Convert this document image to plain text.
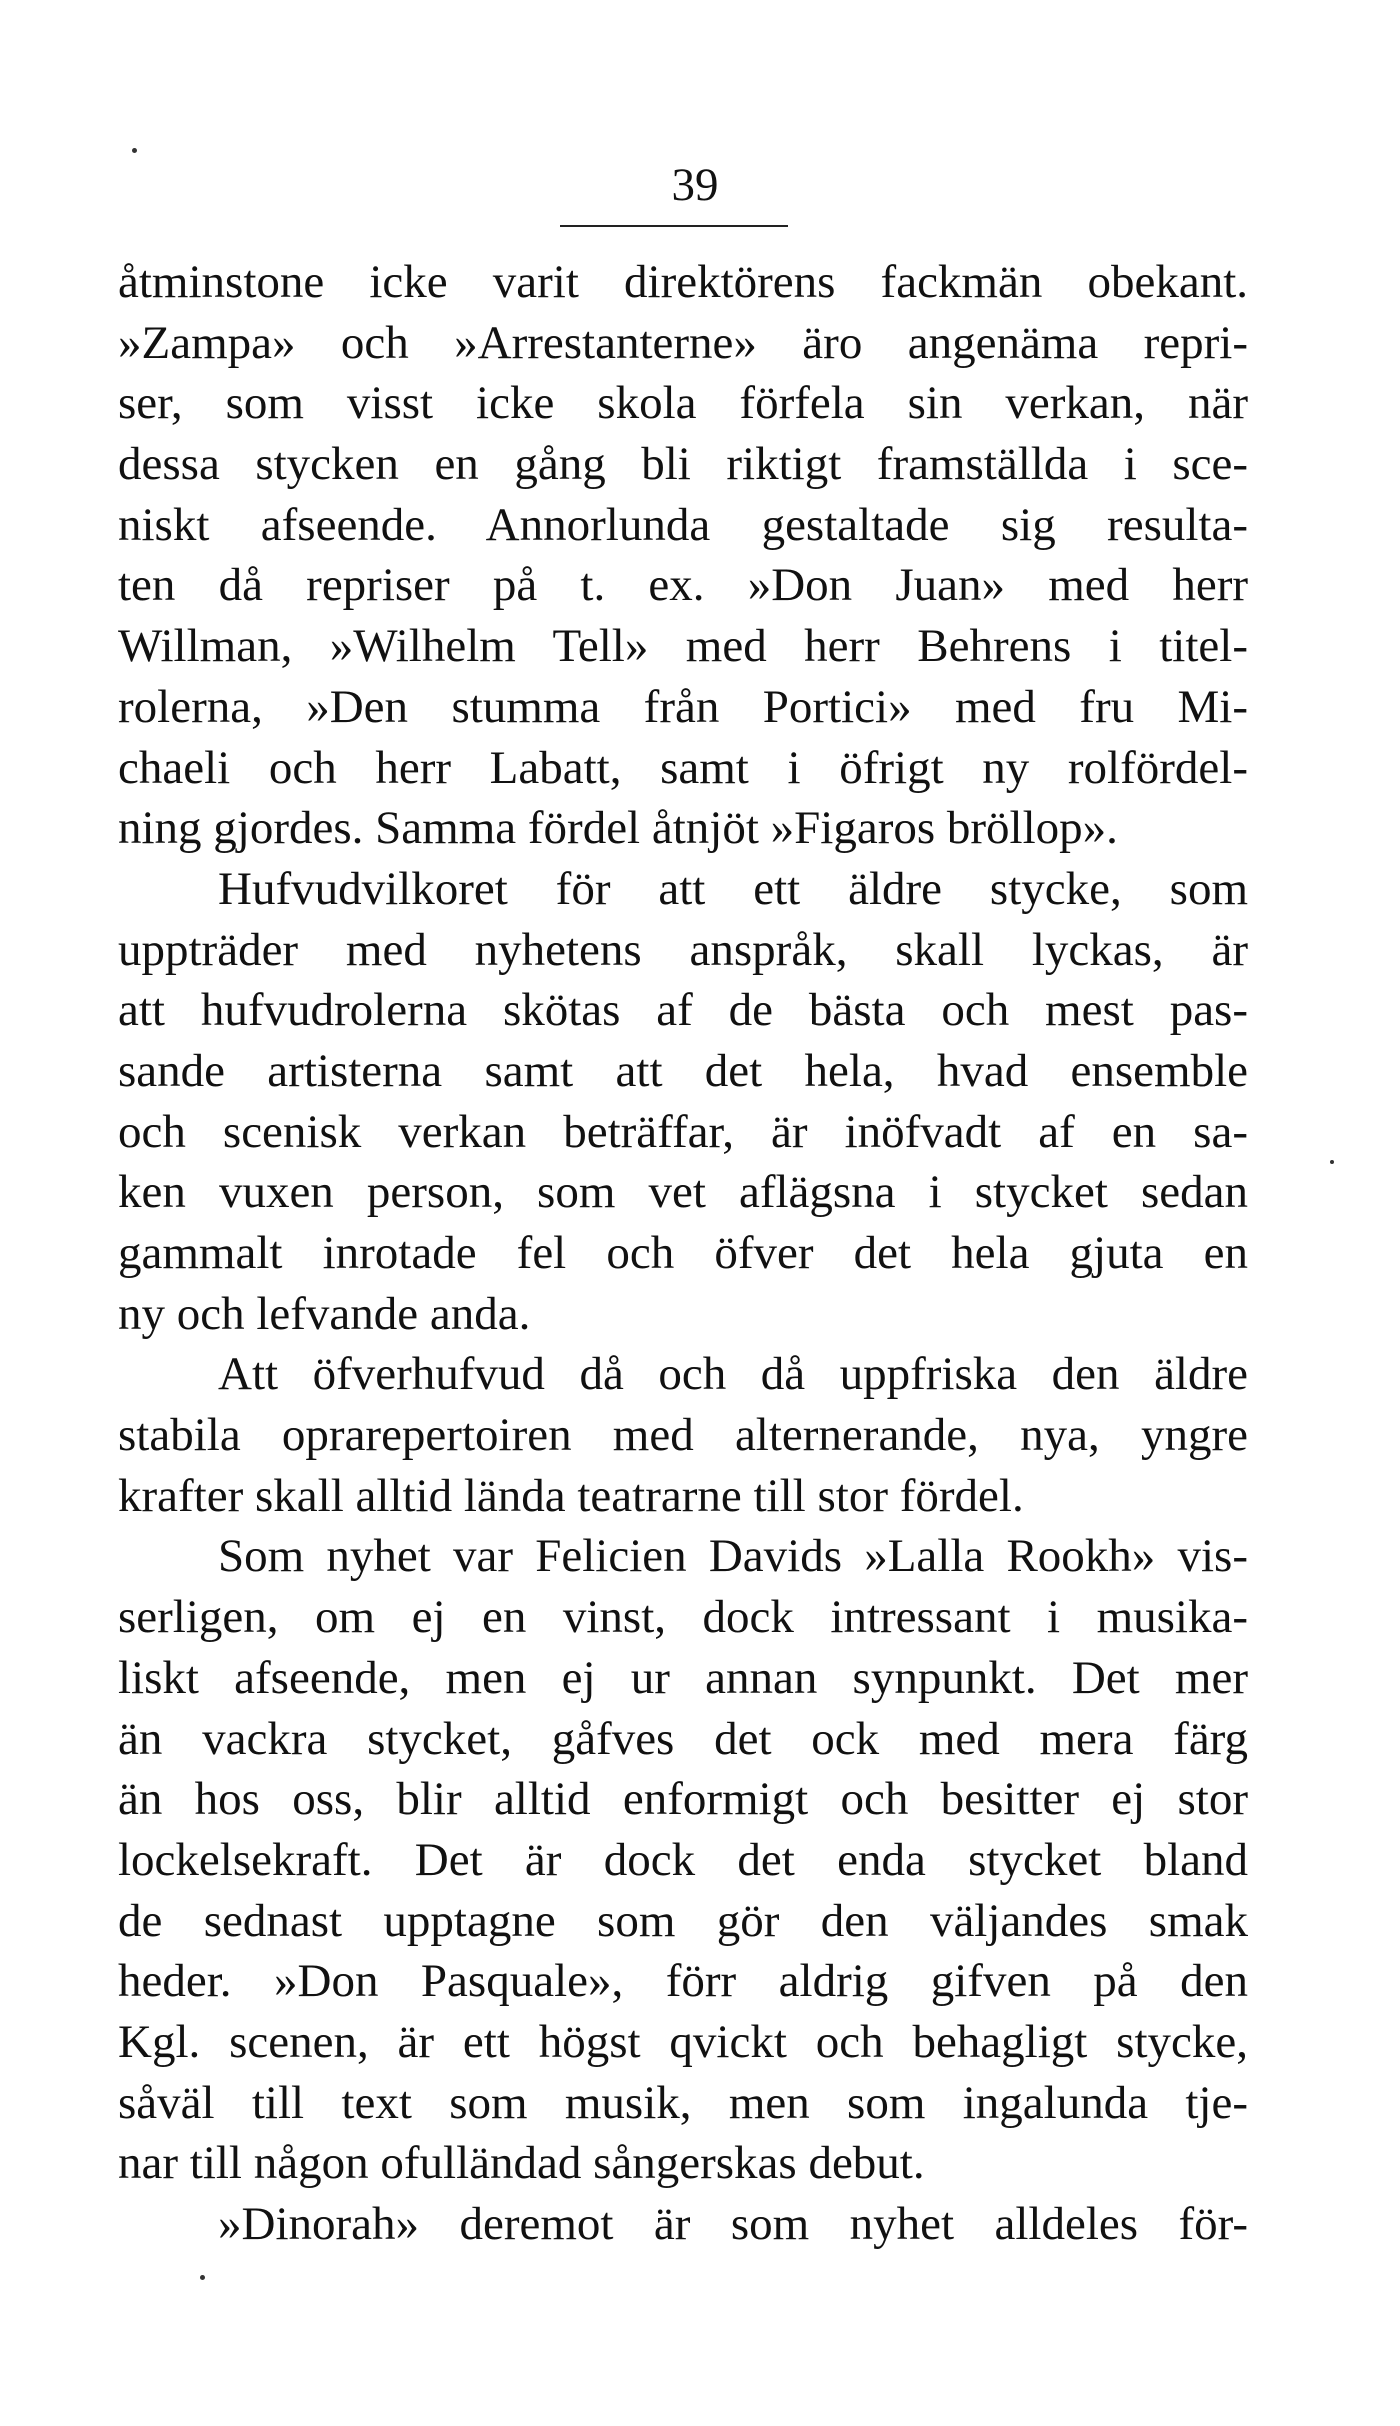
39
åtminstone icke varit direktörens fackmän obekant.
»Zampa» och »Arrestanterne» äro angenäma repri-
ser, som visst icke skola förfela sin verkan, när
dessa stycken en gång bli riktigt framställda i sce-
niskt afseende. Annorlunda gestaltade sig resulta-
ten då repriser på t. ex. »Don Juan» med herr
Willman, »Wilhelm Tell» med herr Behrens i titel-
rolerna, »Den stumma från Portici» med fru Mi-
chaeli och herr Labatt, samt i öfrigt ny rolfördel-
ning gjordes. Samma fördel åtnjöt »Figaros bröllop».
Hufvudvilkoret för att ett äldre stycke, som
uppträder med nyhetens anspråk, skall lyckas, är
att hufvudrolerna skötas af de bästa och mest pas-
sande artisterna samt att det hela, hvad ensemble
och scenisk verkan beträffar, är inöfvadt af en sa-
ken vuxen person, som vet aflägsna i stycket sedan
gammalt inrotade fel och öfver det hela gjuta en
ny och lefvande anda.
Att öfverhufvud då och då uppfriska den äldre
stabila oprarepertoiren med alternerande, nya, yngre
krafter skall alltid lända teatrarne till stor fördel.
Som nyhet var Felicien Davids »Lalla Rookh» vis-
serligen, om ej en vinst, dock intressant i musika-
liskt afseende, men ej ur annan synpunkt. Det mer
än vackra stycket, gåfves det ock med mera färg
än hos oss, blir alltid enformigt och besitter ej stor
lockelsekraft. Det är dock det enda stycket bland
de sednast upptagne som gör den väljandes smak
heder. »Don Pasquale», förr aldrig gifven på den
Kgl. scenen, är ett högst qvickt och behagligt stycke,
såväl till text som musik, men som ingalunda tje-
nar till någon ofulländad sångerskas debut.
»Dinorah» deremot är som nyhet alldeles för-
